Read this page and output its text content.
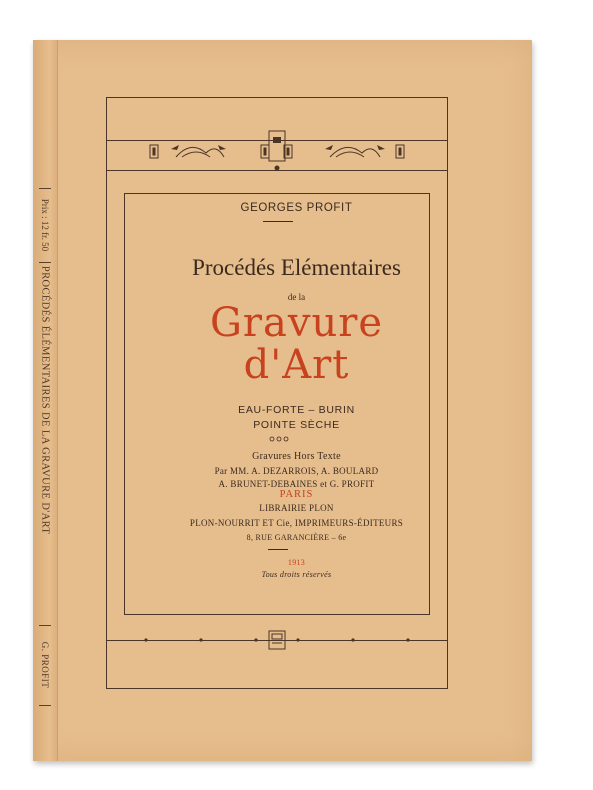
Prix : 12 fr. 50
PROCÉDÉS ÉLÉMENTAIRES DE LA GRAVURE D'ART
G. PROFIT
GEORGES PROFIT
Procédés Elémentaires
de la
Gravure
d'Art
EAU-FORTE – BURIN
POINTE SÈCHE
Gravures Hors Texte
Par MM. A. DEZARROIS, A. BOULARD
A. BRUNET-DEBAINES et G. PROFIT
PARIS
LIBRAIRIE PLON
PLON-NOURRIT ET Cie, IMPRIMEURS-ÉDITEURS
8, RUE GARANCIÈRE – 6e
1913
Tous droits réservés
